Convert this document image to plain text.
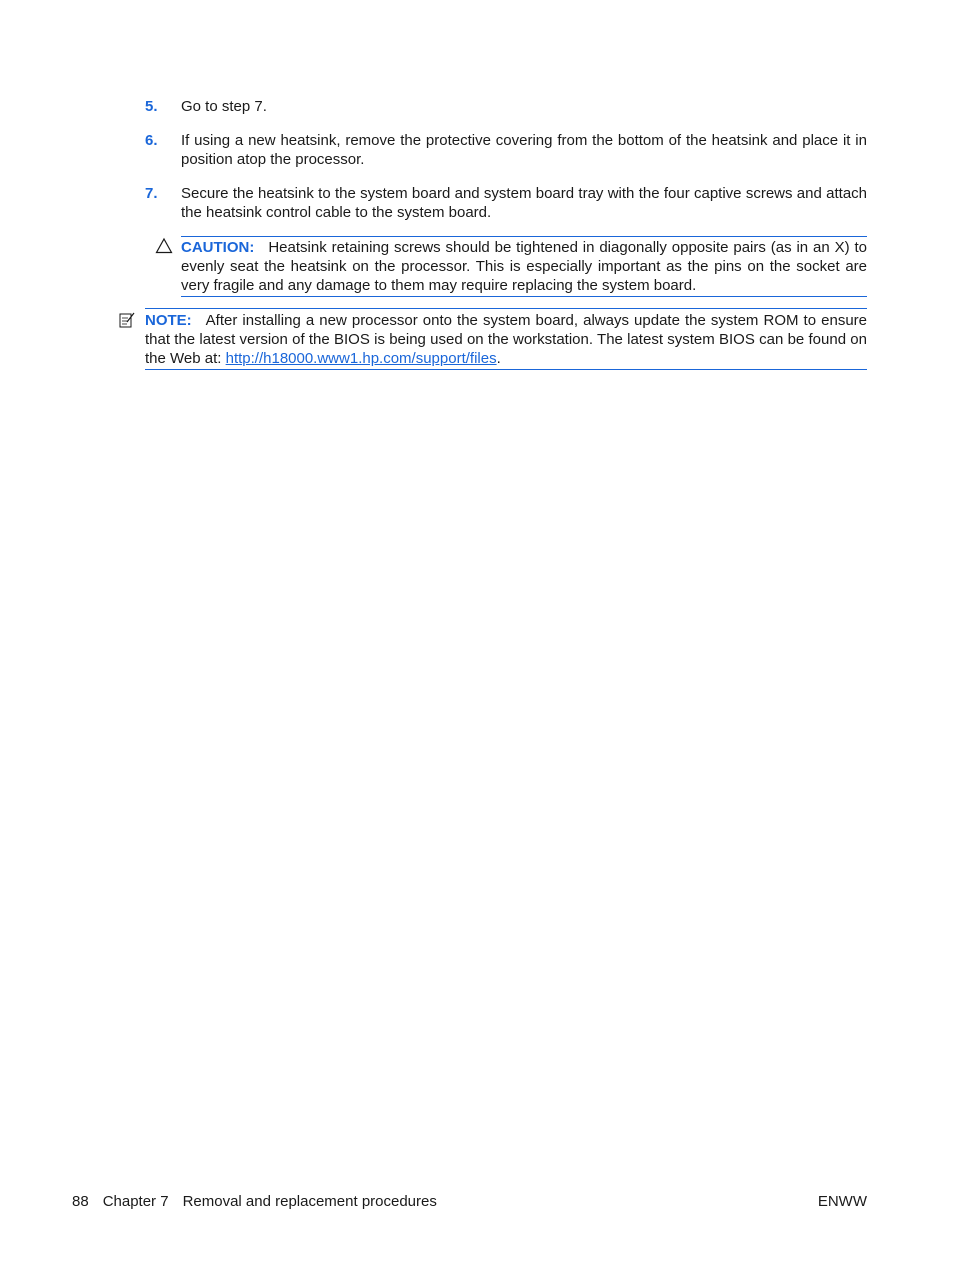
5. Go to step 7.
6. If using a new heatsink, remove the protective covering from the bottom of the heatsink and place it in position atop the processor.
7. Secure the heatsink to the system board and system board tray with the four captive screws and attach the heatsink control cable to the system board.
CAUTION: Heatsink retaining screws should be tightened in diagonally opposite pairs (as in an X) to evenly seat the heatsink on the processor. This is especially important as the pins on the socket are very fragile and any damage to them may require replacing the system board.
NOTE: After installing a new processor onto the system board, always update the system ROM to ensure that the latest version of the BIOS is being used on the workstation. The latest system BIOS can be found on the Web at: http://h18000.www1.hp.com/support/files.
88 Chapter 7 Removal and replacement procedures	ENWW
